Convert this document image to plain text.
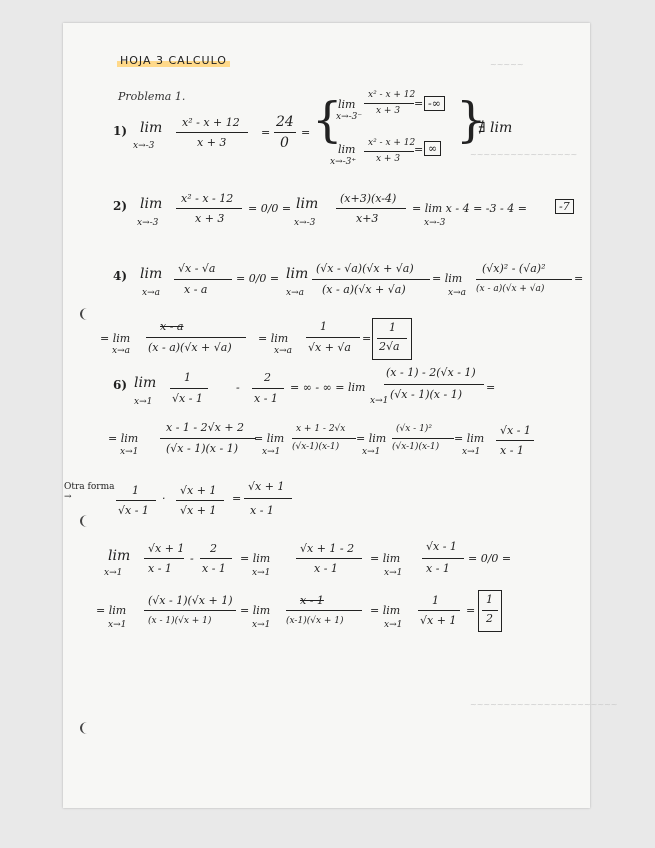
~~~~~
~~~~~~~~~~~~~~~~
~~~~~~~~~~~~~~~~~~~~~~
HOJA 3 CALCULO
Problema 1.
1) lim
x→-3
x² - x + 12
x + 3
=
24
0
= {
lim
x→-3⁻
x² - x + 12
x + 3
= -∞
lim
x→-3⁺
x² - x + 12
x + 3
= ∞
}
∄ lim
2) lim
x→-3
x² - x - 12
x + 3
= 0/0 = lim
x→-3
(x+3)(x-4)
x+3
= lim x - 4 = -3 - 4 =
x→-3
-7
4) lim
x→a
√x - √a
x - a
= 0/0 = lim
x→a
(√x - √a)(√x + √a)
(x - a)(√x + √a)
= lim
x→a
(√x)² - (√a)²
(x - a)(√x + √a)
=
= lim
x→a
x - a
(x - a)(√x + √a)
= lim
x→a
1
√x + √a
=
1
2√a
6) lim
x→1
1
√x - 1
-
2
x - 1
= ∞ - ∞ = lim
x→1
(x - 1) - 2(√x - 1)
(√x - 1)(x - 1)
=
= lim
x→1
x - 1 - 2√x + 2
(√x - 1)(x - 1)
= lim
x→1
x + 1 - 2√x
(√x-1)(x-1)
= lim
x→1
(√x - 1)²
(√x-1)(x-1)
= lim
x→1
√x - 1
x - 1
Otra forma →	1
√x - 1
·
√x + 1
√x + 1
=
√x + 1
x - 1
lim
x→1
√x + 1
x - 1
-
2
x - 1
= lim
x→1
√x + 1 - 2
x - 1
= lim
x→1
√x - 1
x - 1
= 0/0 =
= lim
x→1
(√x - 1)(√x + 1)
(x - 1)(√x + 1)
= lim
x→1
x - 1
(x-1)(√x + 1)
= lim
x→1
1
√x + 1
=
1
2
